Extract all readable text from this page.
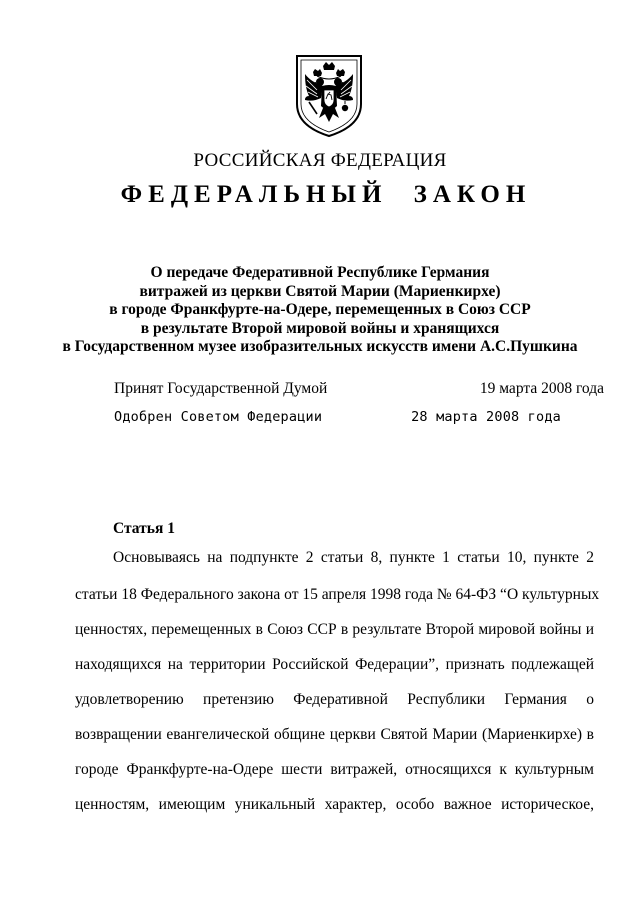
РОССИЙСКАЯ ФЕДЕРАЦИЯ
ФЕДЕРАЛЬНЫЙ ЗАКОН
О передаче Федеративной Республике Германия
витражей из церкви Святой Марии (Мариенкирхе)
в городе Франкфурте-на-Одере, перемещенных в Союз ССР
в результате Второй мировой войны и хранящихся
в Государственном музее изобразительных искусств имени А.С.Пушкина
Принят Государственной Думой	19 марта 2008 года
Одобрен Советом Федерации	28 марта 2008 года
Статья 1
Основываясь на подпункте 2 статьи 8, пункте 1 статьи 10, пункте 2
статьи 18 Федерального закона от 15 апреля 1998 года № 64-ФЗ “О культурных
ценностях, перемещенных в Союз ССР в результате Второй мировой войны и
находящихся на территории Российской Федерации”, признать подлежащей
удовлетворению претензию Федеративной Республики Германия о
возвращении евангелической общине церкви Святой Марии (Мариенкирхе) в
городе Франкфурте-на-Одере шести витражей, относящихся к культурным
ценностям, имеющим уникальный характер, особо важное историческое,
